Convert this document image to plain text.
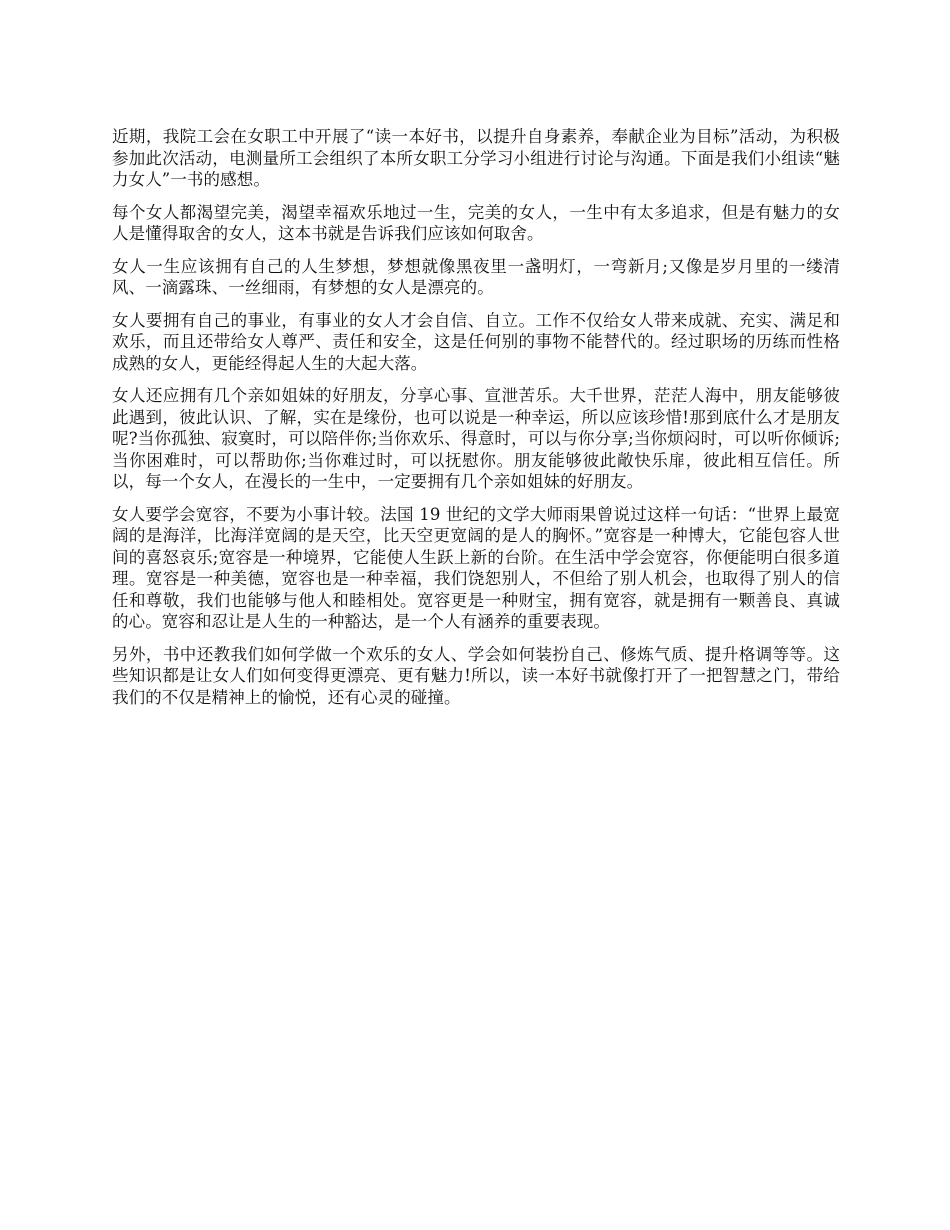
近期，我院工会在女职工中开展了“读一本好书，以提升自身素养，奉献企业为目标”活动，为积极参加此次活动，电测量所工会组织了本所女职工分学习小组进行讨论与沟通。下面是我们小组读“魅力女人”一书的感想。

每个女人都渴望完美，渴望幸福欢乐地过一生，完美的女人，一生中有太多追求，但是有魅力的女人是懂得取舍的女人，这本书就是告诉我们应该如何取舍。

女人一生应该拥有自己的人生梦想，梦想就像黑夜里一盏明灯，一弯新月;又像是岁月里的一缕清风、一滴露珠、一丝细雨，有梦想的女人是漂亮的。

女人要拥有自己的事业，有事业的女人才会自信、自立。工作不仅给女人带来成就、充实、满足和欢乐，而且还带给女人尊严、责任和安全，这是任何别的事物不能替代的。经过职场的历练而性格成熟的女人，更能经得起人生的大起大落。

女人还应拥有几个亲如姐妹的好朋友，分享心事、宣泄苦乐。大千世界，茫茫人海中，朋友能够彼此遇到，彼此认识、了解，实在是缘份，也可以说是一种幸运，所以应该珍惜!那到底什么才是朋友呢?当你孤独、寂寞时，可以陪伴你;当你欢乐、得意时，可以与你分享;当你烦闷时，可以听你倾诉;当你困难时，可以帮助你;当你难过时，可以抚慰你。朋友能够彼此敞快乐扉，彼此相互信任。所以，每一个女人，在漫长的一生中，一定要拥有几个亲如姐妹的好朋友。

女人要学会宽容，不要为小事计较。法国 19 世纪的文学大师雨果曾说过这样一句话：“世界上最宽阔的是海洋，比海洋宽阔的是天空，比天空更宽阔的是人的胸怀。”宽容是一种博大，它能包容人世间的喜怒哀乐;宽容是一种境界，它能使人生跃上新的台阶。在生活中学会宽容，你便能明白很多道理。宽容是一种美德，宽容也是一种幸福，我们饶恕别人，不但给了别人机会，也取得了别人的信任和尊敬，我们也能够与他人和睦相处。宽容更是一种财宝，拥有宽容，就是拥有一颗善良、真诚的心。宽容和忍让是人生的一种豁达，是一个人有涵养的重要表现。

另外，书中还教我们如何学做一个欢乐的女人、学会如何装扮自己、修炼气质、提升格调等等。这些知识都是让女人们如何变得更漂亮、更有魅力!所以，读一本好书就像打开了一把智慧之门，带给我们的不仅是精神上的愉悦，还有心灵的碰撞。
